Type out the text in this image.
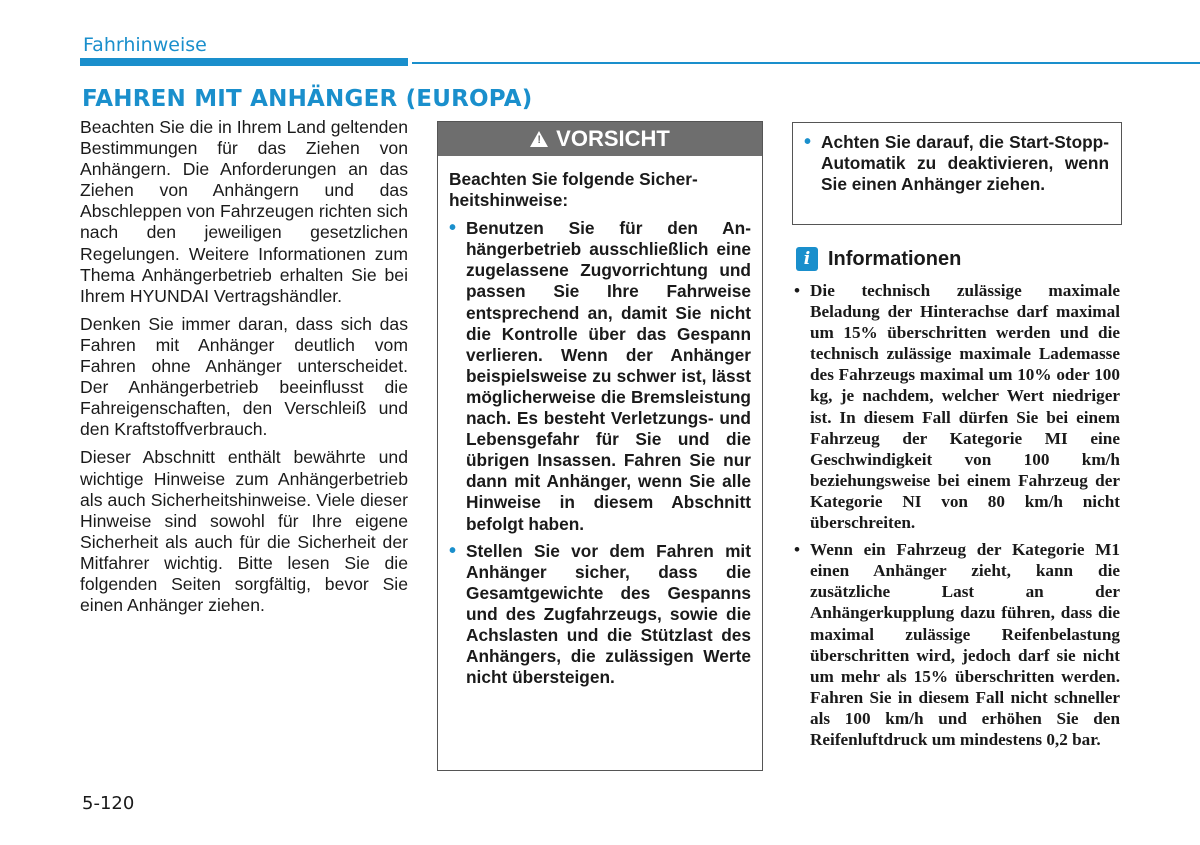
Fahrhinweise
FAHREN MIT ANHÄNGER (EUROPA)

Beachten Sie die in Ihrem Land geltenden Bestimmungen für das Ziehen von Anhängern. Die Anforderungen an das Ziehen von Anhängern und das Abschleppen von Fahrzeugen richten sich nach den jeweiligen gesetzlichen Regelungen. Weitere Informationen zum Thema Anhängerbetrieb erhalten Sie bei Ihrem HYUNDAI Vertragshändler.

Denken Sie immer daran, dass sich das Fahren mit Anhänger deutlich vom Fahren ohne Anhänger unterscheidet. Der Anhängerbetrieb beeinflusst die Fahreigenschaften, den Verschleiß und den Kraftstoffverbrauch.

Dieser Abschnitt enthält bewährte und wichtige Hinweise zum Anhängerbetrieb als auch Sicherheitshinweise. Viele dieser Hinweise sind sowohl für Ihre eigene Sicherheit als auch für die Sicherheit der Mitfahrer wichtig. Bitte lesen Sie die folgenden Seiten sorgfältig, bevor Sie einen Anhänger ziehen.

! VORSICHT
Beachten Sie folgende Sicherheitshinweise:
• Benutzen Sie für den Anhängerbetrieb ausschließlich eine zugelassene Zugvorrichtung und passen Sie Ihre Fahrweise entsprechend an, damit Sie nicht die Kontrolle über das Gespann verlieren. Wenn der Anhänger beispielsweise zu schwer ist, lässt möglicherweise die Bremsleistung nach. Es besteht Verletzungs- und Lebensgefahr für Sie und die übrigen Insassen. Fahren Sie nur dann mit Anhänger, wenn Sie alle Hinweise in diesem Abschnitt befolgt haben.
• Stellen Sie vor dem Fahren mit Anhänger sicher, dass die Gesamtgewichte des Gespanns und des Zugfahrzeugs, sowie die Achslasten und die Stützlast des Anhängers, die zulässigen Werte nicht übersteigen.
• Achten Sie darauf, die Start-Stopp-Automatik zu deaktivieren, wenn Sie einen Anhänger ziehen.
i Informationen
• Die technisch zulässige maximale Beladung der Hinterachse darf maximal um 15% überschritten werden und die technisch zulässige maximale Lademasse des Fahrzeugs maximal um 10% oder 100 kg, je nachdem, welcher Wert niedriger ist. In diesem Fall dürfen Sie bei einem Fahrzeug der Kategorie MI eine Geschwindigkeit von 100 km/h beziehungsweise bei einem Fahrzeug der Kategorie NI von 80 km/h nicht überschreiten.
• Wenn ein Fahrzeug der Kategorie M1 einen Anhänger zieht, kann die zusätzliche Last an der Anhängerkupplung dazu führen, dass die maximal zulässige Reifenbelastung überschritten wird, jedoch darf sie nicht um mehr als 15% überschritten werden. Fahren Sie in diesem Fall nicht schneller als 100 km/h und erhöhen Sie den Reifenluftdruck um mindestens 0,2 bar.
5-120
